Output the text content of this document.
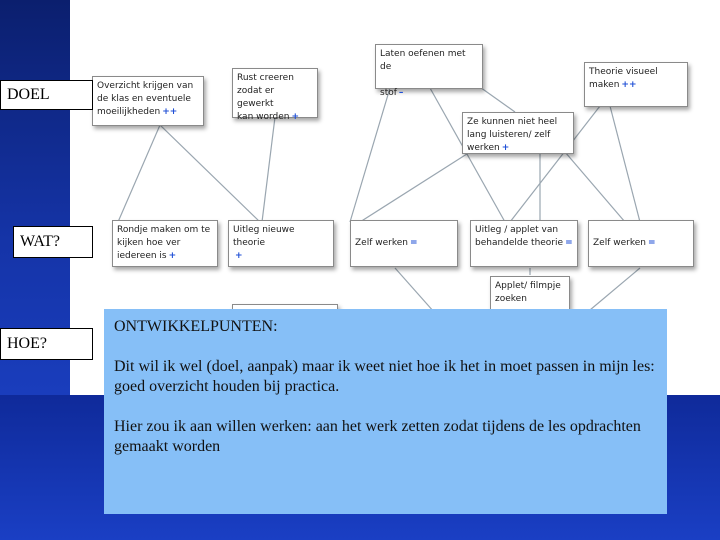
Overzicht krijgen van
de klas en eventuele
moeilijkheden ++
Rust creeren
zodat er gewerkt
kan worden +
Laten oefenen met de

stof –
Theorie visueel
maken ++
Ze kunnen niet heel
lang luisteren/ zelf
werken +
Rondje maken om te
kijken hoe ver
iedereen is +
Uitleg nieuwe theorie
+

Zelf werken =
Uitleg / applet van
behandelde theorie =	
Zelf werken =
Applet/ filmpje
zoeken
DOEL
WAT?
HOE?

ONTWIKKELPUNTEN:

Dit wil ik wel (doel, aanpak) maar ik weet niet hoe ik het in moet passen in mijn les: goed overzicht houden bij practica.

Hier zou ik aan willen werken: aan het werk zetten zodat tijdens de les opdrachten gemaakt worden
